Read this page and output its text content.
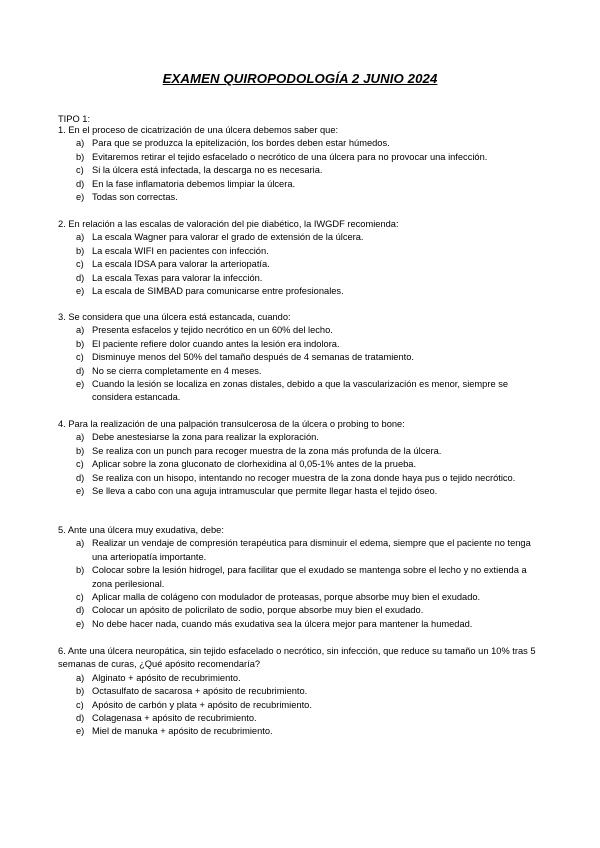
EXAMEN QUIROPODOLOGÍA 2 JUNIO 2024
TIPO 1:
1. En el proceso de cicatrización de una úlcera debemos saber que:
a) Para que se produzca la epitelización, los bordes deben estar húmedos.
b) Evitaremos retirar el tejido esfacelado o necrótico de una úlcera para no provocar una infección.
c) Si la úlcera está infectada, la descarga no es necesaria.
d) En la fase inflamatoria debemos limpiar la úlcera.
e) Todas son correctas.
2. En relación a las escalas de valoración del pie diabético, la IWGDF recomienda:
a) La escala Wagner para valorar el grado de extensión de la úlcera.
b) La escala WIFI en pacientes con infección.
c) La escala IDSA para valorar la arteriopatía.
d) La escala Texas para valorar la infección.
e) La escala de SIMBAD para comunicarse entre profesionales.
3. Se considera que una úlcera está estancada, cuando:
a) Presenta esfacelos y tejido necrótico en un 60% del lecho.
b) El paciente refiere dolor cuando antes la lesión era indolora.
c) Disminuye menos del 50% del tamaño después de 4 semanas de tratamiento.
d) No se cierra completamente en 4 meses.
e) Cuando la lesión se localiza en zonas distales, debido a que la vascularización es menor, siempre se considera estancada.
4. Para la realización de una palpación transulcerosa de la úlcera o probing to bone:
a) Debe anestesiarse la zona para realizar la exploración.
b) Se realiza con un punch para recoger muestra de la zona más profunda de la úlcera.
c) Aplicar sobre la zona gluconato de clorhexidina al 0,05-1% antes de la prueba.
d) Se realiza con un hisopo, intentando no recoger muestra de la zona donde haya pus o tejido necrótico.
e) Se lleva a cabo con una aguja intramuscular que permite llegar hasta el tejido óseo.
5. Ante una úlcera muy exudativa, debe:
a) Realizar un vendaje de compresión terapéutica para disminuir el edema, siempre que el paciente no tenga una arteriopatía importante.
b) Colocar sobre la lesión hidrogel, para facilitar que el exudado se mantenga sobre el lecho y no extienda a zona perilesional.
c) Aplicar malla de colágeno con modulador de proteasas, porque absorbe muy bien el exudado.
d) Colocar un apósito de policrilato de sodio, porque absorbe muy bien el exudado.
e) No debe hacer nada, cuando más exudativa sea la úlcera mejor para mantener la humedad.
6. Ante una úlcera neuropática, sin tejido esfacelado o necrótico, sin infección, que reduce su tamaño un 10% tras 5 semanas de curas, ¿Qué apósito recomendaría?
a) Alginato + apósito de recubrimiento.
b) Octasulfato de sacarosa + apósito de recubrimiento.
c) Apósito de carbón y plata + apósito de recubrimiento.
d) Colagenasa + apósito de recubrimiento.
e) Miel de manuka + apósito de recubrimiento.
